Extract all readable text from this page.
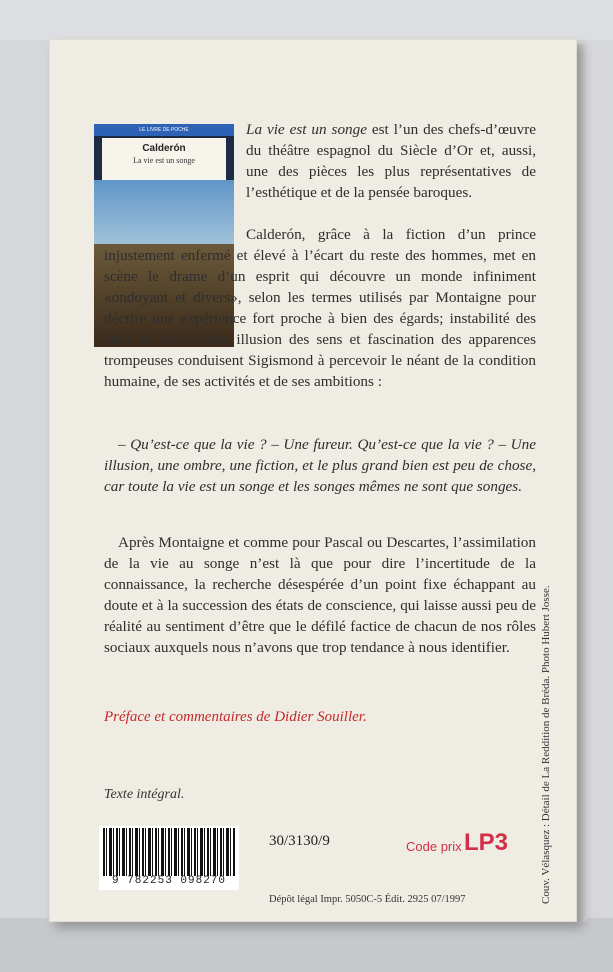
LE LIVRE DE POCHE
Calderón
La vie est un songe

La vie est un songe est l’un des chefs-d’œuvre du théâtre espagnol du Siècle d’Or et, aussi, une des pièces les plus représentatives de l’esthétique et de la pensée baroques.

Calderón, grâce à la fiction d’un prince injustement enfermé et élevé à l’écart du reste des hommes, met en scène le drame d’un esprit qui découvre un monde infiniment «ondoyant et divers», selon les termes utilisés par Montaigne pour décrire une expérience fort proche à bien des égards; instabilité des êtres et des choses, illusion des sens et fascination des apparences trompeuses conduisent Sigismond à percevoir le néant de la condition humaine, de ses activités et de ses ambitions :

– Qu’est-ce que la vie ? – Une fureur. Qu’est-ce que la vie ? – Une illusion, une ombre, une fiction, et le plus grand bien est peu de chose, car toute la vie est un songe et les songes mêmes ne sont que songes.

Après Montaigne et comme pour Pascal ou Descartes, l’assimilation de la vie au songe n’est là que pour dire l’incertitude de la connaissance, la recherche désespérée d’un point fixe échappant au doute et à la succession des états de conscience, qui laisse aussi peu de réalité au sentiment d’être que le défilé factice de chacun de nos rôles sociaux auxquels nous n’avons que trop tendance à nous identifier.

Préface et commentaires de Didier Souiller.

Texte intégral.

9 782253 098270
30/3130/9	Code prix LP3
Dépôt légal Impr. 5050C-5 Édit. 2925 07/1997	Couv. Vélasquez : Détail de La Reddition de Bréda. Photo Hubert Josse.
